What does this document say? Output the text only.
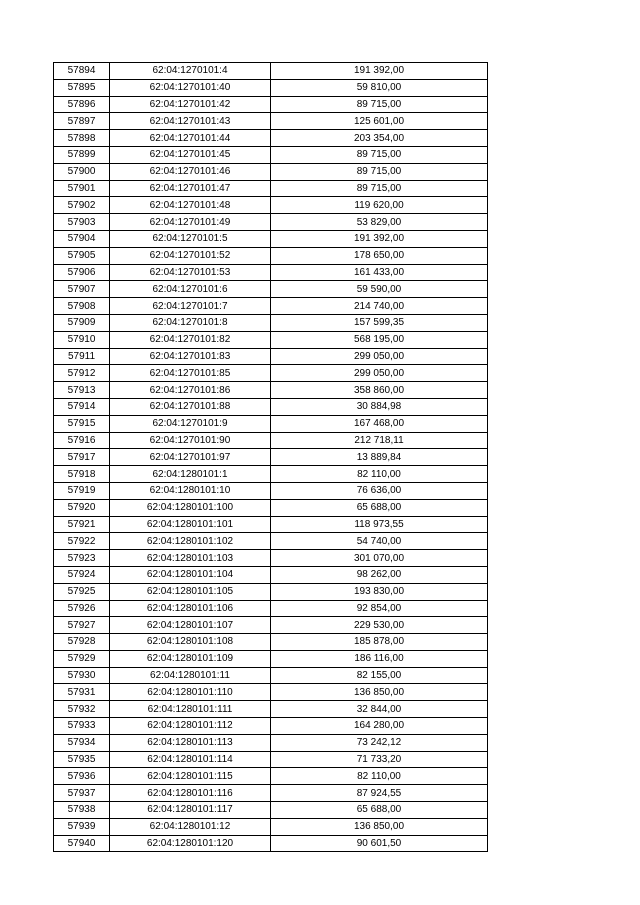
57894	62:04:1270101:4	191 392,00
57895	62:04:1270101:40	59 810,00
57896	62:04:1270101:42	89 715,00
57897	62:04:1270101:43	125 601,00
57898	62:04:1270101:44	203 354,00
57899	62:04:1270101:45	89 715,00
57900	62:04:1270101:46	89 715,00
57901	62:04:1270101:47	89 715,00
57902	62:04:1270101:48	119 620,00
57903	62:04:1270101:49	53 829,00
57904	62:04:1270101:5	191 392,00
57905	62:04:1270101:52	178 650,00
57906	62:04:1270101:53	161 433,00
57907	62:04:1270101:6	59 590,00
57908	62:04:1270101:7	214 740,00
57909	62:04:1270101:8	157 599,35
57910	62:04:1270101:82	568 195,00
57911	62:04:1270101:83	299 050,00
57912	62:04:1270101:85	299 050,00
57913	62:04:1270101:86	358 860,00
57914	62:04:1270101:88	30 884,98
57915	62:04:1270101:9	167 468,00
57916	62:04:1270101:90	212 718,11
57917	62:04:1270101:97	13 889,84
57918	62:04:1280101:1	82 110,00
57919	62:04:1280101:10	76 636,00
57920	62:04:1280101:100	65 688,00
57921	62:04:1280101:101	118 973,55
57922	62:04:1280101:102	54 740,00
57923	62:04:1280101:103	301 070,00
57924	62:04:1280101:104	98 262,00
57925	62:04:1280101:105	193 830,00
57926	62:04:1280101:106	92 854,00
57927	62:04:1280101:107	229 530,00
57928	62:04:1280101:108	185 878,00
57929	62:04:1280101:109	186 116,00
57930	62:04:1280101:11	82 155,00
57931	62:04:1280101:110	136 850,00
57932	62:04:1280101:111	32 844,00
57933	62:04:1280101:112	164 280,00
57934	62:04:1280101:113	73 242,12
57935	62:04:1280101:114	71 733,20
57936	62:04:1280101:115	82 110,00
57937	62:04:1280101:116	87 924,55
57938	62:04:1280101:117	65 688,00
57939	62:04:1280101:12	136 850,00
57940	62:04:1280101:120	90 601,50
